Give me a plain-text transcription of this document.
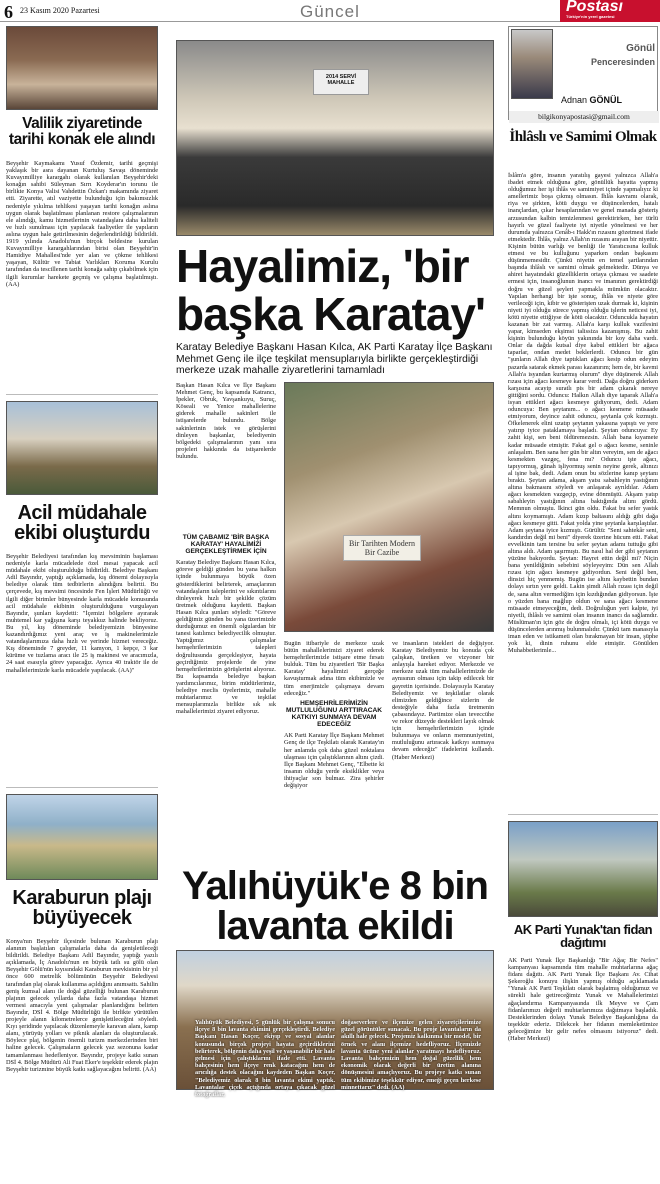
6 23 Kasım 2020 Pazartesi	Güncel	Postası
Türkiye'nin yerel gazetesi
Valilik ziyaretinde tarihi konak ele alındı
Beyşehir Kaymakamı Yusuf Özdemir, tarihi geçmişi yaklaşık bir asra dayanan Kurtuluş Savaşı döneminde Kuvayımilliye karargahı olarak kullanılan Beyşehir'deki konağın sahibi Süleyman Sırrı Koyderar'ın torunu ile birlikte Konya Valisi Vahdettin Özkan'ı makamında ziyaret etti. Ziyarette, atıl vaziyette bulunduğu için bakımsızlık nedeniyle yıkılma tehlikesi yaşayan tarihi konağın aslına uygun olarak başlatılması planlanan restore çalışmalarının ele alındığı, kamu hizmetlerinin vatandaşlara daha kaliteli ve hızlı sunulması için yapılacak faaliyetler ile yapıların aslına uygun hale getirilmesinin değerlendirildiği bildirildi. 1919 yılında Anadolu'nun birçok beldesine kurulan Kuvayımilliye karargahlarından birisi olan Beyşehir'in Hamidiye Mahallesi'nde yer alan ve çökme tehlikesi yaşayan, Kültür ve Tabiat Varlıkları Koruma Kurulu tarafından da tescillenen tarihi konağa sahip çıkabilmek için ilgili kurumlar harekete geçmiş ve çalışma başlatılmıştı. (AA)
Acil müdahale ekibi oluşturdu
Beyşehir Belediyesi tarafından kış mevsiminin başlaması nedeniyle karla mücadelede özel mesai yapacak acil müdahale ekibi oluşturulduğu bildirildi. Belediye Başkanı Adil Bayındır, yaptığı açıklamada, kış dönemi dolayısıyla belediye olarak tüm tedbirlerin alındığını belirtti. Bu çerçevede, kış mevsimi öncesinde Fen İşleri Müdürlüğü ve ilgili diğer birimler bünyesinde karla mücadele konusunda acil müdahale ekibinin oluşturulduğunu vurgulayan Bayındır, şunları kaydetti: "İçemizi bölgelere ayırarak muhtemel kar yağışına karşı teyakkuz halinde bekliyoruz. Bu yıl, kış döneminde belediyemizin bünyesine kazandırdığımız yeni araç ve iş makinelerimizle vatandaşlarımıza daha hızlı ve yerinde hizmet vereceğiz. Kış döneminde 7 greyder, 11 kamyon, 1 kepçe, 3 kar kürüme ve tuzlama aracı ile 25 iş makinesi ve aracımızla, 24 saat esasıyla görev yapacağız. Ayrıca 40 traktör ile de mahallelerimizde karla mücadele yapılacak. (AA)"
Karaburun plajı büyüyecek
Konya'nın Beyşehir ilçesinde bulunan Karaburun plajı alanının başlatılan çalışmalarla daha da genişletileceği bildirildi. Belediye Başkanı Adil Bayındır, yaptığı yazılı açıklamada, İç Anadolu'nun en büyük tatlı su gölü olan Beyşehir Gölü'nün kıyısındaki Karaburun mevkisinin bir yıl önce 600 metrelik bölümünün Beyşehir Belediyesi tarafından plaj olarak kullanıma açıldığını anımsattı. Sahilin geniş kumsal alanı ile doğal güzelliği bulunan Karaburun plajının gelecek yıllarda daha fazla vatandaşa hizmet vermesi amacıyla yeni çalışmalar planlandığını belirten Bayındır, DSİ 4. Bölge Müdürlüğü ile birlikte yürütülen projeyle alanın kilometrelerce genişletileceğini söyledi. Kıyı şeridinde yapılacak düzenlemeyle karavan alanı, kamp alanı, yürüyüş yolları ve piknik alanları da oluşturulacak. Böylece plaj, bölgenin önemli turizm merkezlerinden biri haline gelecek. Çalışmaların gelecek yaz sezonuna kadar tamamlanması hedefleniyor. Bayındır, projeye katkı sunan DSİ 4. Bölge Müdürü Ali Fuat Eker'e teşekkür ederek plajın Beyşehir turizmine büyük katkı sağlayacağını belirtti. (AA)
2014 SERVİ MAHALLE
Hayalimiz, 'bir başka Karatay'
Karatay Belediye Başkanı Hasan Kılca, AK Parti Karatay İlçe Başkanı Mehmet Genç ile ilçe teşkilat mensuplarıyla birlikte gerçekleştirdiği merkeze uzak mahalle ziyaretlerini tamamladı
Başkan Hasan Kılca ve İlçe Başkanı Mehmet Genç, bu kapsamda Katrancı, İpekler, Obruk, Yavşankuyu, Suruç, Köseali ve Yenice mahallelerine giderek mahalle sakinleri ile istişarelerde bulundu. Bölge sakinlerinin istek ve görüşlerini dinleyen başkanlar, belediyenin bölgedeki çalışmalarının yanı sıra projeleri hakkında da istişarelerde bulundu.
TÜM ÇABAMIZ 'BİR BAŞKA KARATAY' HAYALİMİZİ GERÇEKLEŞTİRMEK İÇİN
Karatay Belediye Başkanı Hasan Kılca, göreve geldiği günden bu yana halkın içinde bulunmaya büyük özen gösterdiklerini belirterek, amaçlarının vatandaşların taleplerini ve sıkıntılarını dinleyerek hızlı bir şekilde çözüm üretmek olduğunu kaydetti. Başkan Hasan Kılca şunları söyledi: "Göreve geldiğimiz günden bu yana üzerimizde durduğumuz en önemli olgulardan bir tanesi katılımcı belediyecilik olmuştur. Yaptığımız çalışmalar hemşehrilerimizin talepleri doğrultusunda gerçekleşiyor, hayata geçirdiğimiz projelerde de yine hemşehrilerimizin görüşlerini alıyoruz. Bu kapsamda belediye başkan yardımcılarımız, birim müdürlerimiz, belediye meclis üyelerimiz, mahalle muhtarlarımız ve teşkilat mensuplarımızla birlikte sık sık mahallelerimizi ziyaret ediyoruz.
Bir Tarihten Modern Bir Cazibe
Bugün itibariyle de merkeze uzak bütün mahallelerimizi ziyaret ederek hemşehrilerimizle istişare etme fırsatı bulduk. Tüm bu ziyaretleri 'Bir Başka Karatay' hayalimizi gerçeğe kavuşturmak adına tüm ekibimizle ve tüm enerjimizle çalışmaya devam edeceğiz."
HEMŞEHRİLERİMİZİN MUTLULUĞUNU ARTTIRACAK KATKIYI SUNMAYA DEVAM EDECEĞİZ
AK Parti Karatay İlçe Başkanı Mehmet Genç de ilçe Teşkilatı olarak Karatay'ın her anlamda çok daha güzel noktalara ulaşması için çalıştıklarının altını çizdi. İlçe Başkanı Mehmet Genç, "Elbette ki insanın olduğu yerde eksiklikler veya ihtiyaçlar son bulmaz. Zira şehirler değişiyor
ve insanların istekleri de değişiyor. Karatay Belediyemiz bu konuda çok çalışkan, üretken ve vizyoner bir anlayışla hareket ediyor. Merkezde ve merkeze uzak tüm mahallelerimizde de aynısının olması için takip edilecek bir gayretin içerisinde. Dolayısıyla Karatay Belediyemiz ve teşkilatlar olarak elimizden geldiğince sizlerin de desteğiyle daha fazla üretmenin çabasındayız. Partimize olan teveccühe ve rekor düzeyde destekleri layık olmak için hemşehrilerimizin içinde bulunmaya ve onların memnuniyetini, mutluluğunu artıracak katkıyı sunmaya devam edeceğiz" ifadelerini kullandı. (Haber Merkezi)
Yalıhüyük'e 8 bin lavanta ekildi
Yalıhüyük Belediyesi, 5 günlük bir çalışma sonucu ilçeye 8 bin lavanta ekimini gerçekleştirdi. Belediye Başkanı Hasan Koçer, ekiyıp ve sosyal alanlar konusunda birçok projeyi hayata geçirdiklerini belirterek, bölgenin daha yeşil ve yaşanabilir bir hale gelmesi için çalıştıklarını ifade etti. Lavanta bahçesinin hem ilçeye renk katacağını hem de arıcılığa destek olacağını kaydeden Başkan Koçer, "Belediyemiz olarak 8 bin lavanta ekimi yaptık. Lavantalar çiçek açtığında ortaya çıkacak güzel fotoğraflar,
doğaseverlere ve ilçemize gelen ziyaretçilerimize güzel görüntüler sunacak. Bu proje lavantaların da akıllı hale gelecek. Projemiz kalkınma bir model, bir örnek ve alanı ilçemize hedefliyoruz. İlçemizde lavanta ücüne yeni alanlar yaratmayı hedefliyoruz. Lavanta bahçemizin hem doğal güzellik hem ekonomik olarak değerli bir üretim alanına dönüşmesini amaçlıyoruz. Bu projeye katkı sunan tüm ekibimize teşekkür ediyor, emeği geçen herkese minnettarız" dedi. (AA)
Gönül
Penceresinden
Adnan GÖNÜL
bilgikonyapostasi@gmail.com
İhlâslı ve Samimi Olmak
İslâm'a göre, insanın yaratılış gayesi yalnızca Allah'a ibadet etmek olduğuna göre, gönüllük hayatta yapmış olduğumuz her işi ihlâs ve samimiyet içinde yapmalıyız ki amellerimiz boşa çıkmış olmasın. İhlâs kavramı olarak, riya ve şirkten, kötü duygu ve düşüncelerden, hatalı inançlardan, çıkar hesaplarından ve genel manada gösteriş arzusundan kalbin temizlenmesi gerektirirken, her türlü hayırlı ve güzel faaliyete iyi niyetle yönelmesi ve her durumda yalnızca Cenâb-ı Hakk'ın rızasını gözetmesi ifade etmektedir. İhlâs, yalnız Allah'ın rızasını arayan bir niyettir. Kişinin bütün varlığı ve benliği ile Yaratıcısına kulluk etmesi ve bu kulluğunu yaparken ondan başkasını düşünmemesidir. Çünkü niyetin en temel şartlarından başında ihlâslı ve samimi olmak gelmektedir. Dünya ve ahiret hayatındaki güzelliklerin ortaya çıkması ve saadete ermesi için, insanoğlunun inancı ve imanının gerektirdiği doğru ve güzel şeyleri yapmakla mümkün olacaktır. Yapılan herhangi bir işte sonuç, ihlâs ve niyete göre verileceği için, kibir ve gösterişten uzak durmak ki, kişinin niyeti iyi olduğu sürece yapmış olduğu işlerin neticesi iyi, kötü niyette ettiğiyse de kötü olacaktır. Oduncukla hayatın kazanan bir zat varmış. Allah'a karşı kulluk vazifesini yapar, kimseden ekşimsi talissiza kazanışmış. Bu zahit kişinin bulunduğu köyün yakınında bir koy daha vardı. Onlar da dağda kutsal diye kabul ettikleri bir ağaca taparlar, ondan medet beklerlerdi. Oduncu bir gün "şunların Allah diye taptıkları ağacı kesip odun edeyim pazarda satarak ekmek parası kazanırım; hem de, bir kavmi Allah'a isyandan kurtarmış olurum" diye düşünerek Allah rızası için ağacı kesmeye karar verdi. Dağa doğru giderken karşısına acayip suratlı pis bir adam çıkarak nereye gittiğini sordu. Oduncu: Halkın Allah diye taparak Allah'a isyan ettikleri ağacı kesmeye gidiyorum, dedi. Adam oduncuya: Ben şeytanım... o ağacı kesmene müsaade etmiyorum, deyince zahit oduncu, şeytanla çok kızmıştı. Öfkelenerek elini uzatıp şeytanın yakasına yapıştı ve yere yatırıp iyice pataklamaya başladı. Şeytan oduncuya: Ey zahit kişi, sen beni öldüremezsin. Allah bana kıyamete kadar müsaade etmiştir. Fakat gel o ağacı kesme, seninle anlaşalım. Ben sana her gün bir altın vereyim, sen de ağacı kesmekten vazgeç, fena mı? Oduncu işte ağacı, tapıyormuş, günah işliyormuş senin neyine gerek, altınızı al işine bak, dedi. Adam onun bu sözlerine kanıp şeytanı bıraktı. Şeytan adama, akşam yatsı sabahleyin yastığının altına bakmasını söyledi ve anlaşarak ayrıldılar. Adam ağacı kesmekten vazgeçip, evine dönmüştü. Akşam yatıp sabahleyin yastığının altına baktığında altını gördü. Memnun olmuştu. İkinci gün oldu. Fakat bu sefer yastık altını koymamıştı. Adam kızıp baltasını aldığı gibi dağa ağacı kesmeye gitti. Fakat yolda yine şeytanla karşılaştılar. Adam şeytana iyice kızmıştı. Gürültü: "Seni sahtekâr seni, kandırdın değil mi beni" diyerek üzerine hücum etti. Fakat evvelkinin tam tersine bu sefer şeytan adamı tuttuğu gibi altına aldı. Adam şaşırmıştı. Bu nasıl hal der gibi şeytanın yüzüne bakıyordu. Şeytan: Hayret ettin değil mi? Niçin bana yenildiğinin sebebini söyleyeyim: Dün sen Allah rızası için ağacı kesmeye gidiyordun. Seni değil ben, dinsizi hiç yenmemiş. Bugün ise altını kaybettin bundan dolayı sırtın yere geldi. Lakin şimdi Allah rızası için değil de, sana altın vermediğim için kızdığından gidiyorsun. İşte o yüzden bana mağlup oldun ve sana ağacı kesmene müsaade etmeyeceğim, dedi. Doğruluğun yeri kalpte, iyi niyetli, ihlâslı ve samimi olan insanın inancı da sağlamdır. Müslüman'ın için göz de doğru olmalı, içi kötü duygu ve düşüncelerden arınmış bulunmalıdır. Çünkü tam manasıyla iman eden ve istikameti olan bırakmayan bir insan, şüphe yok ki, dinin ruhunu elde etmiştir. Gönülden Muhabbetlerimle...
AK Parti Yunak'tan fidan dağıtımı
AK Parti Yunak İlçe Başkanlığı "Bir Ağaç Bir Nefes" kampanyası kapsamında tüm mahalle muhtarlarına ağaç fidanı dağıttı. AK Parti Yunak İlçe Başkanı Av. Cihat Şekeroğlu konuyu ilişkin yapmış olduğu açıklamada "Yunak AK Parti Teşkilatı olarak başlatmış olduğumuz ve sürekli hale getireceğimiz Yunak ve Mahallelerimizi ağaçlandırma Kampanyasında ilk Meyve ve Çam fidanlarımızı değerli muhtarlarımıza dağıtmaya başladık. Desteklerinden dolayı Yunak Belediye Başkanlığına da teşekkür ederiz. Dilekcek her fidanın memleketimize geleceğimize bir gelir nefes olmasını istiyoruz" dedi. (Haber Merkezi)
